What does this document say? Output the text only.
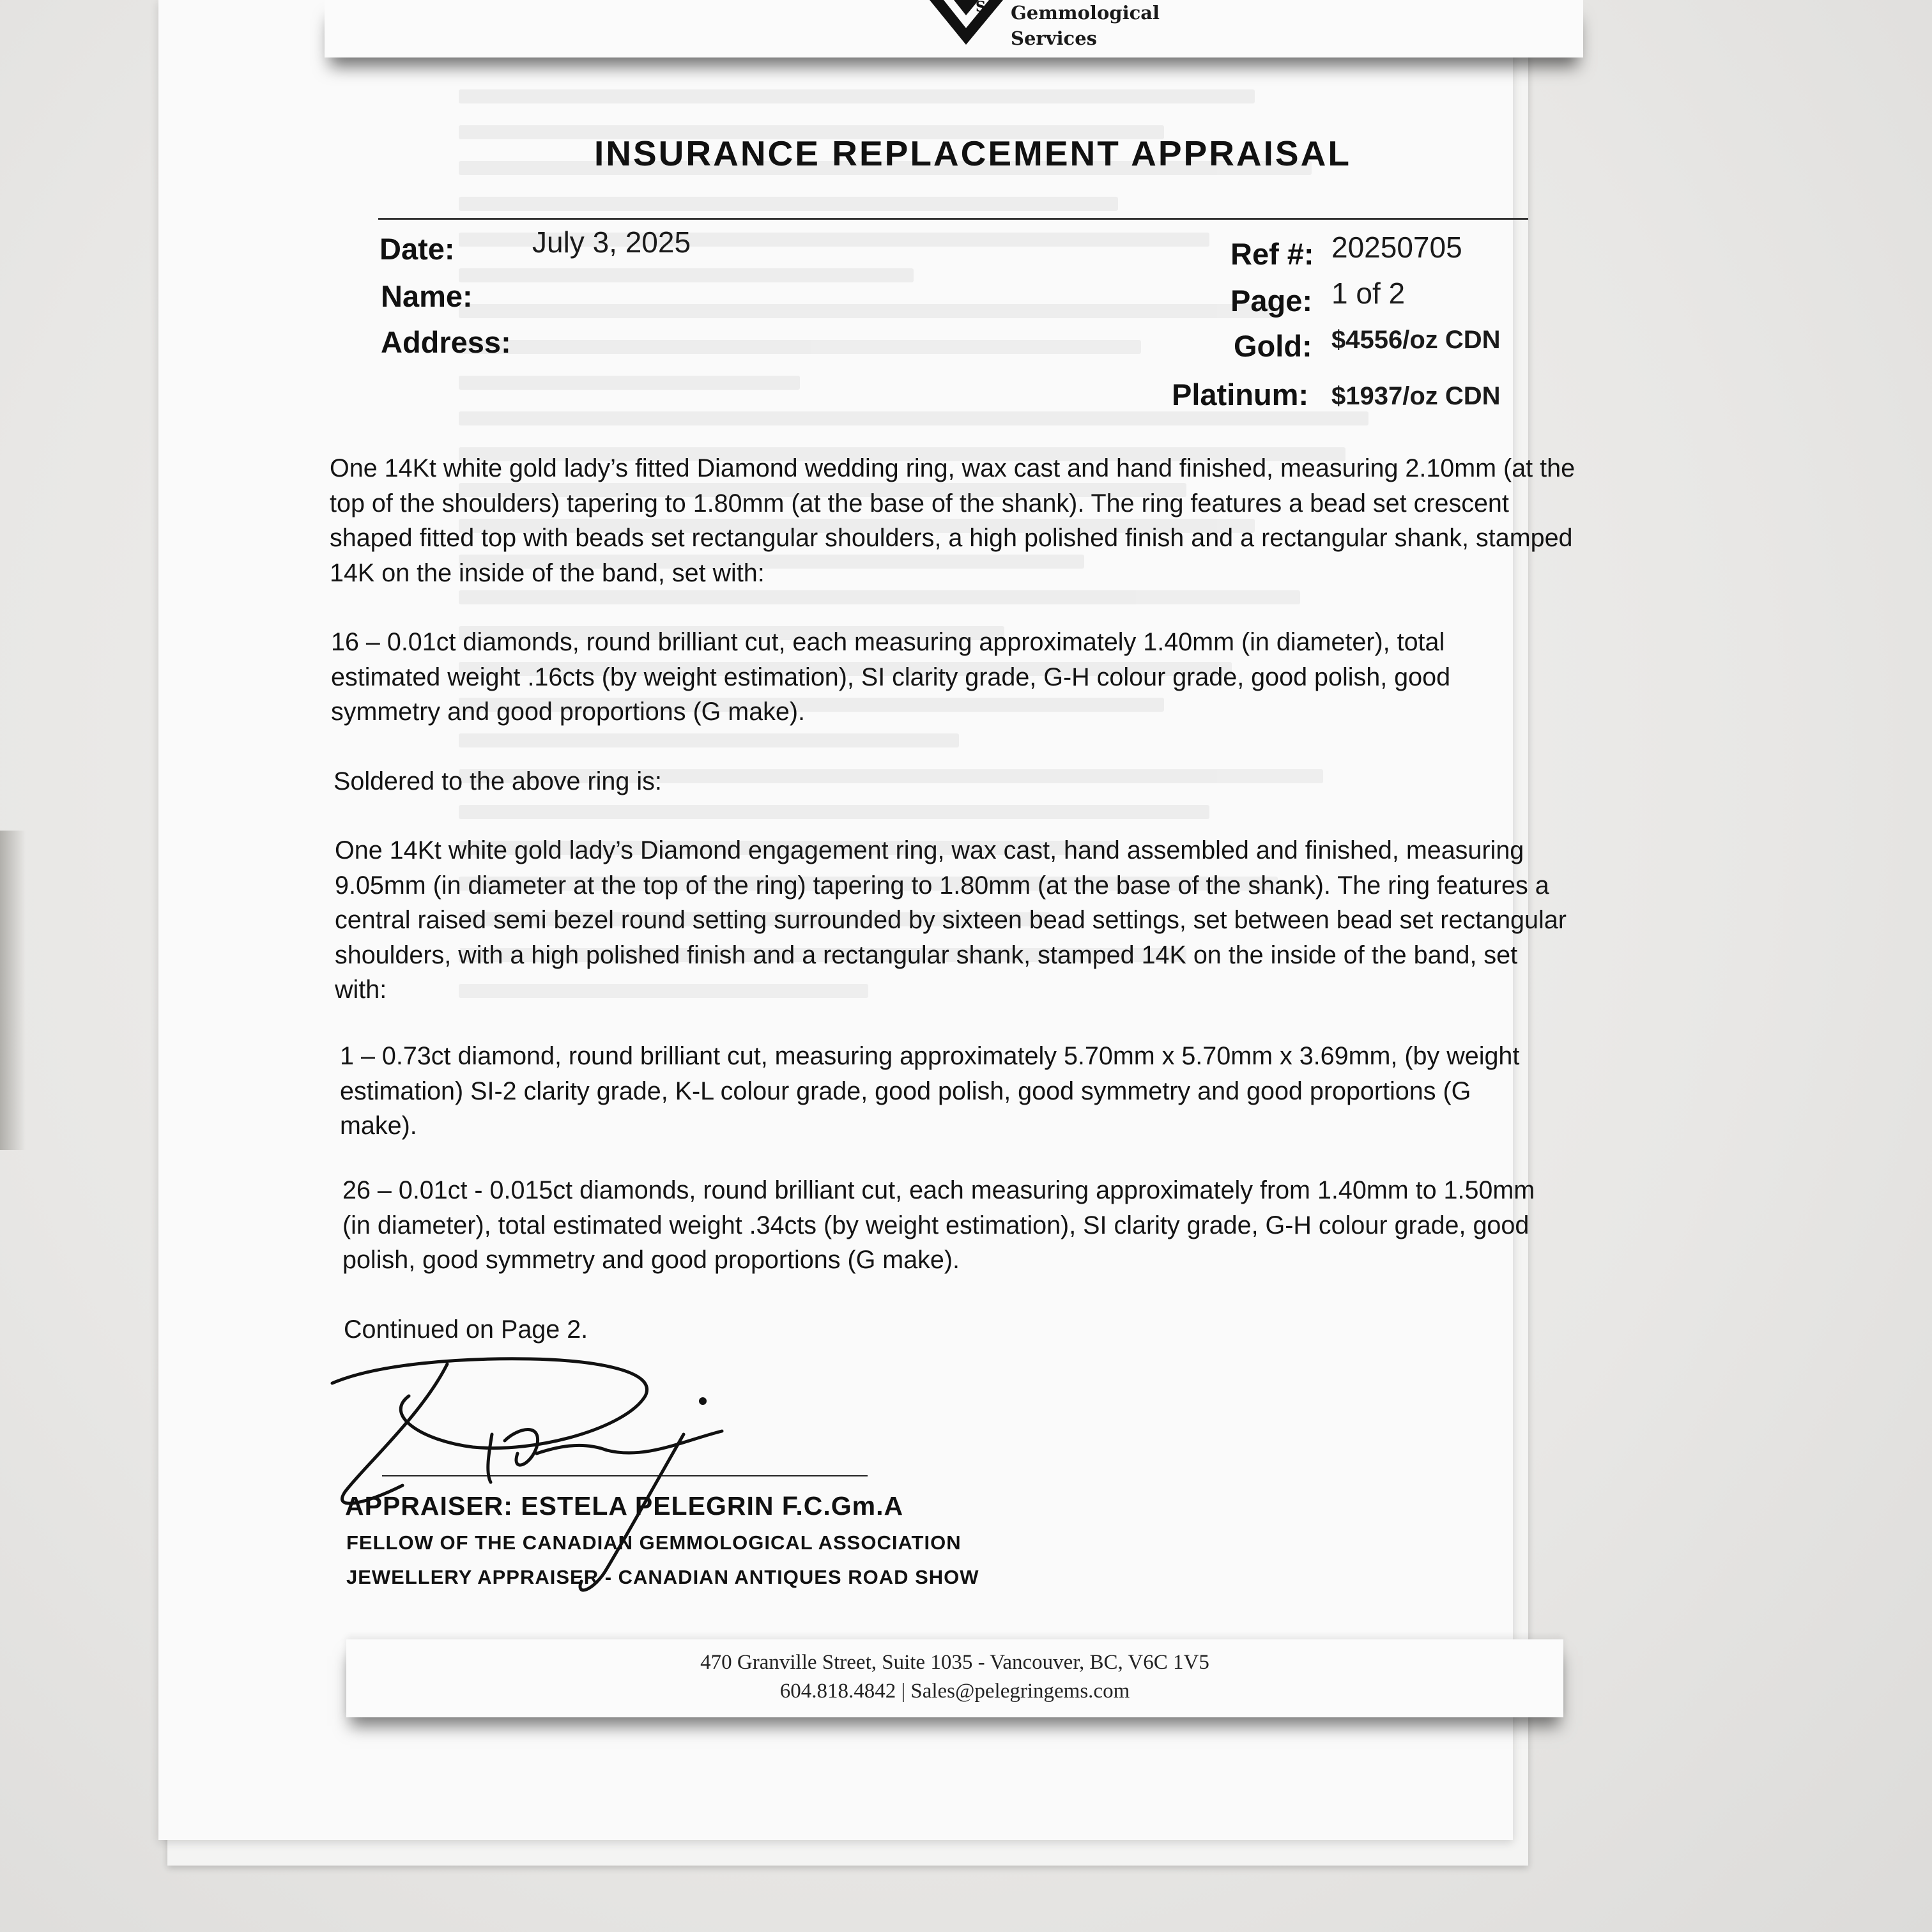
S Gemmological
Services

INSURANCE REPLACEMENT APPRAISAL
Date:	July 3, 2025
Name:
Address:
Ref #: 20250705
Page: 1 of 2
Gold: $4556/oz CDN
Platinum: $1937/oz CDN

One 14Kt white gold lady’s fitted Diamond wedding ring, wax cast and hand finished, measuring 2.10mm (at the top of the shoulders) tapering to 1.80mm (at the base of the shank). The ring features a bead set crescent shaped fitted top with beads set rectangular shoulders, a high polished finish and a rectangular shank, stamped 14K on the inside of the band, set with:

16 – 0.01ct diamonds, round brilliant cut, each measuring approximately 1.40mm (in diameter), total estimated weight .16cts (by weight estimation), SI clarity grade, G-H colour grade, good polish, good symmetry and good proportions (G make).

Soldered to the above ring is:

One 14Kt white gold lady’s Diamond engagement ring, wax cast, hand assembled and finished, measuring 9.05mm (in diameter at the top of the ring) tapering to 1.80mm (at the base of the shank). The ring features a central raised semi bezel round setting surrounded by sixteen bead settings, set between bead set rectangular shoulders, with a high polished finish and a rectangular shank, stamped 14K on the inside of the band, set with:

1 – 0.73ct diamond, round brilliant cut, measuring approximately 5.70mm x 5.70mm x 3.69mm, (by weight estimation) SI-2 clarity grade, K-L colour grade, good polish, good symmetry and good proportions (G make).

26 – 0.01ct - 0.015ct diamonds, round brilliant cut, each measuring approximately from 1.40mm to 1.50mm (in diameter), total estimated weight .34cts (by weight estimation), SI clarity grade, G-H colour grade, good polish, good symmetry and good proportions (G make).

Continued on Page 2.

APPRAISER: ESTELA PELEGRIN F.C.Gm.A

FELLOW OF THE CANADIAN GEMMOLOGICAL ASSOCIATION

JEWELLERY APPRAISER - CANADIAN ANTIQUES ROAD SHOW

470 Granville Street, Suite 1035 - Vancouver, BC, V6C 1V5

604.818.4842 | Sales@pelegringems.com
